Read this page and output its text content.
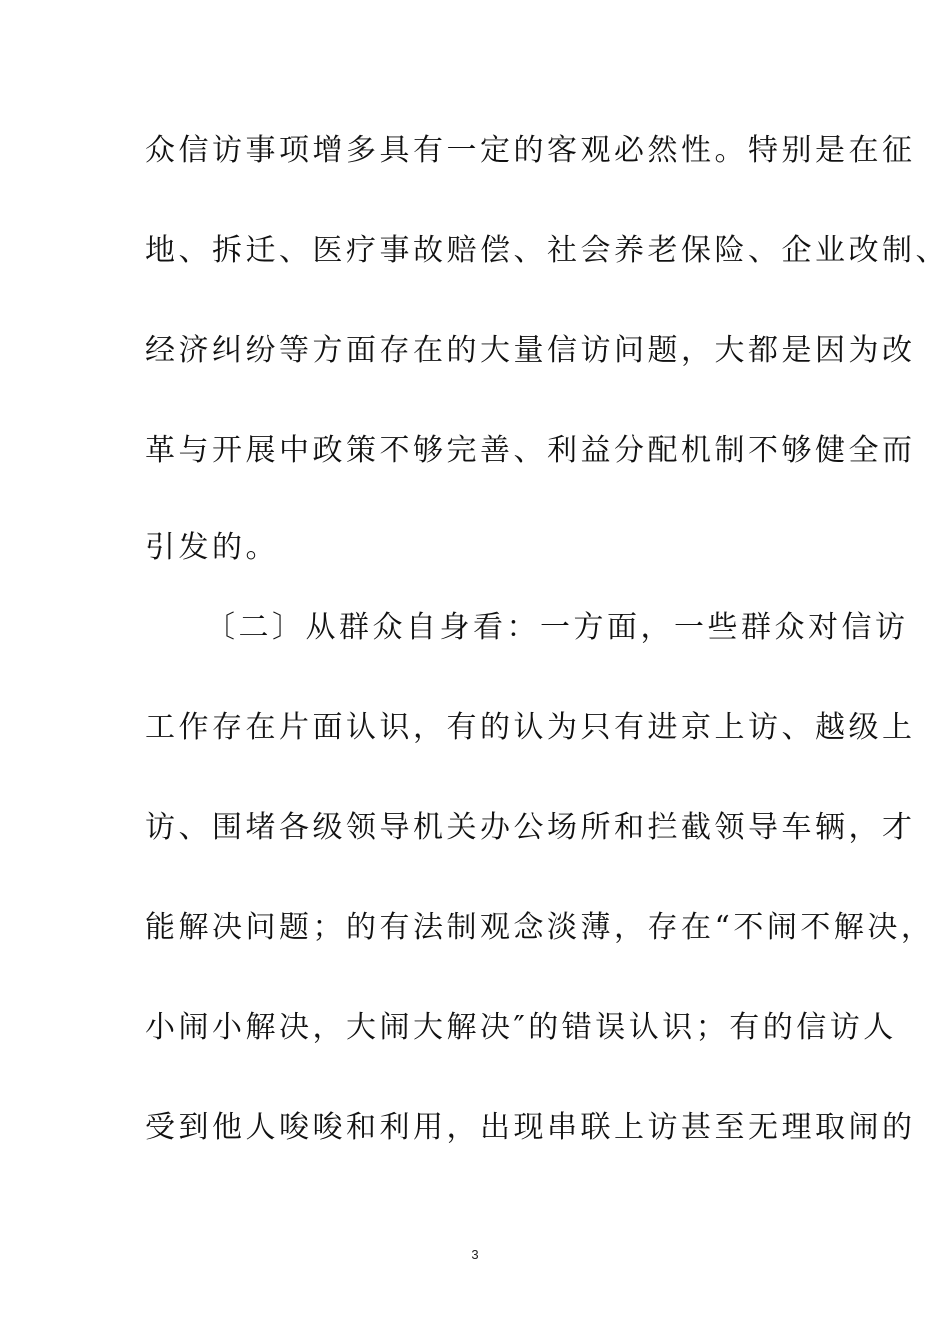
众信访事项增多具有一定的客观必然性。特别是在征
地、拆迁、医疗事故赔偿、社会养老保险、企业改制、
经济纠纷等方面存在的大量信访问题，大都是因为改
革与开展中政策不够完善、利益分配机制不够健全而
引发的。
〔二〕从群众自身看：一方面，一些群众对信访
工作存在片面认识，有的认为只有进京上访、越级上
访、围堵各级领导机关办公场所和拦截领导车辆，才
能解决问题；的有法制观念淡薄，存在“不闹不解决，
小闹小解决，大闹大解决″的错误认识；有的信访人
受到他人唆唆和利用，出现串联上访甚至无理取闹的
3
